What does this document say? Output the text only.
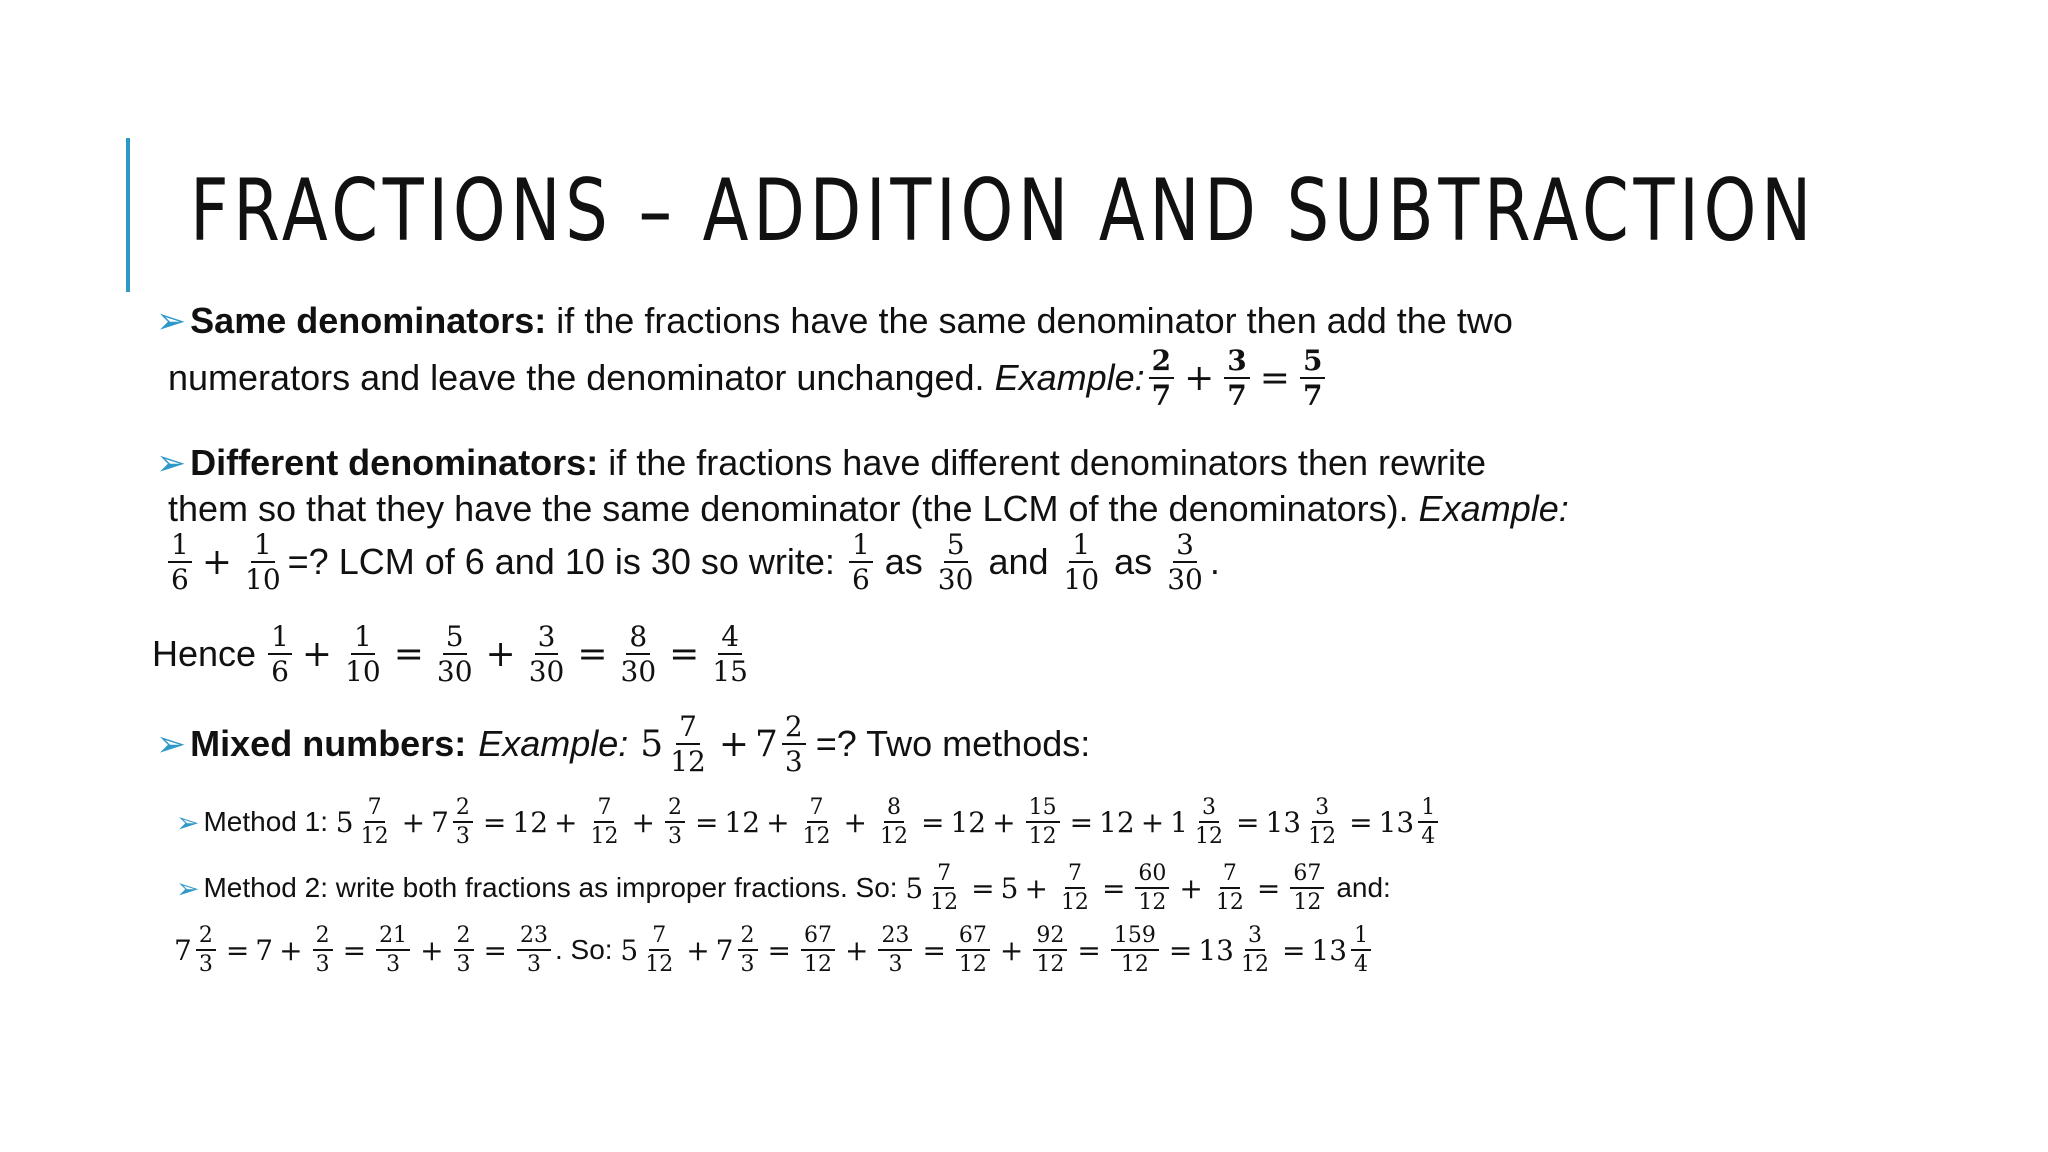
FRACTIONS – ADDITION AND SUBTRACTION
➢ Same denominators: if the fractions have the same denominator then add the two
numerators and leave the denominator unchanged. Example: $\frac{2}{7} + \frac{3}{7} = \frac{5}{7}$
➢ Different denominators: if the fractions have different denominators then rewrite
them so that they have the same denominator (the LCM of the denominators). Example:
$\frac{1}{6} + \frac{1}{10}$ =? LCM of 6 and 10 is 30 so write: $\frac{1}{6}$ as $\frac{5}{30}$ and $\frac{1}{10}$ as $\frac{3}{30}$ .
Hence $\frac{1}{6} + \frac{1}{10} = \frac{5}{30} + \frac{3}{30} = \frac{8}{30} = \frac{4}{15}$
➢ Mixed numbers: Example: $5 \frac{7}{12} + 7 \frac{2}{3}$ =? Two methods:
➢ Method 1: $5 \frac{7}{12} + 7 \frac{2}{3} = 12 + \frac{7}{12} + \frac{2}{3} = 12 + \frac{7}{12} + \frac{8}{12} = 12 + \frac{15}{12} = 12 + 1 \frac{3}{12} = 13 \frac{3}{12} = 13 \frac{1}{4}$
➢ Method 2: write both fractions as improper fractions. So: $5 \frac{7}{12} = 5 + \frac{7}{12} = \frac{60}{12} + \frac{7}{12} = \frac{67}{12}$ and:
$7 \frac{2}{3} = 7 + \frac{2}{3} = \frac{21}{3} + \frac{2}{3} = \frac{23}{3}$ . So: $5 \frac{7}{12} + 7 \frac{2}{3} = \frac{67}{12} + \frac{23}{3} = \frac{67}{12} + \frac{92}{12} = \frac{159}{12} = 13 \frac{3}{12} = 13 \frac{1}{4}$
